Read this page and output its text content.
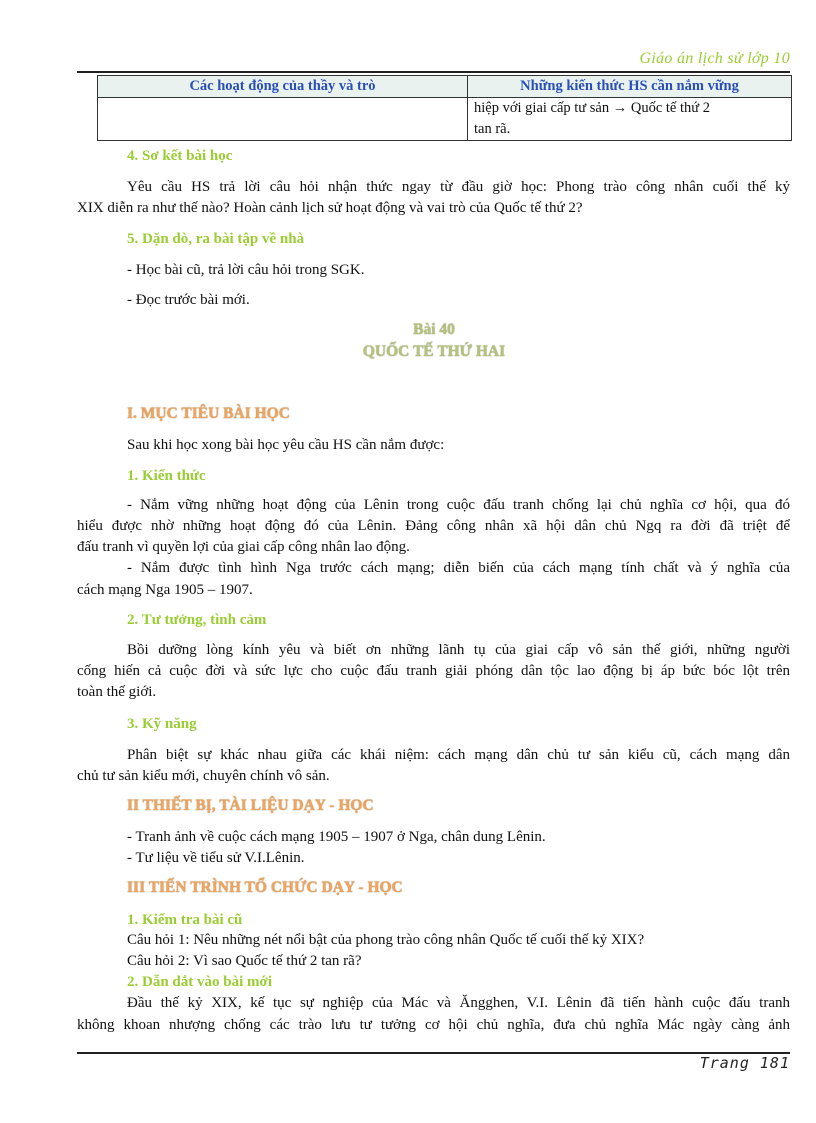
Giáo án lịch sử lớp 10
Các hoạt động của thầy và trò	Những kiến thức HS cần nắm vững

	hiệp với giai cấp tư sản → Quốc tế thứ 2
tan rã.
4. Sơ kết bài học
Yêu cầu HS trả lời câu hỏi nhận thức ngay từ đầu giờ học: Phong trào công nhân cuối thế kỷ
XIX diễn ra như thế nào? Hoàn cảnh lịch sử hoạt động và vai trò của Quốc tế thứ 2?
5. Dặn dò, ra bài tập về nhà
- Học bài cũ, trả lời câu hỏi trong SGK.
- Đọc trước bài mới.
Bài 40
QUỐC TẾ THỨ HAI
I. MỤC TIÊU BÀI HỌC
Sau khi học xong bài học yêu cầu HS cần nắm được:
1. Kiến thức
- Nắm vững những hoạt động của Lênin trong cuộc đấu tranh chống lại chủ nghĩa cơ hội, qua đó
hiểu được nhờ những hoạt động đó của Lênin. Đảng công nhân xã hội dân chủ Ngq ra đời đã triệt để
đấu tranh vì quyền lợi của giai cấp công nhân lao động.
- Nắm được tình hình Nga trước cách mạng; diễn biến của cách mạng tính chất và ý nghĩa của
cách mạng Nga 1905 – 1907.
2. Tư tưởng, tình cảm
Bồi dưỡng lòng kính yêu và biết ơn những lãnh tụ của giai cấp vô sản thế giới, những người
cống hiến cả cuộc đời và sức lực cho cuộc đấu tranh giải phóng dân tộc lao động bị áp bức bóc lột trên
toàn thế giới.
3. Kỹ năng
Phân biệt sự khác nhau giữa các khái niệm: cách mạng dân chủ tư sản kiểu cũ, cách mạng dân
chủ tư sản kiểu mới, chuyên chính vô sản.
II THIẾT BỊ, TÀI LIỆU DẠY - HỌC
- Tranh ảnh về cuộc cách mạng 1905 – 1907 ở Nga, chân dung Lênin.
- Tư liệu về tiểu sử V.I.Lênin.
III TIẾN TRÌNH TỔ CHỨC DẠY - HỌC
1. Kiểm tra bài cũ
Câu hỏi 1: Nêu những nét nổi bật của phong trào công nhân Quốc tế cuối thế kỷ XIX?
Câu hỏi 2: Vì sao Quốc tế thứ 2 tan rã?
2. Dẫn dắt vào bài mới
Đầu thế kỷ XIX, kế tục sự nghiệp của Mác và Ăngghen, V.I. Lênin đã tiến hành cuộc đấu tranh
không khoan nhượng chống các trào lưu tư tưởng cơ hội chủ nghĩa, đưa chủ nghĩa Mác ngày càng ảnh
Trang 181
